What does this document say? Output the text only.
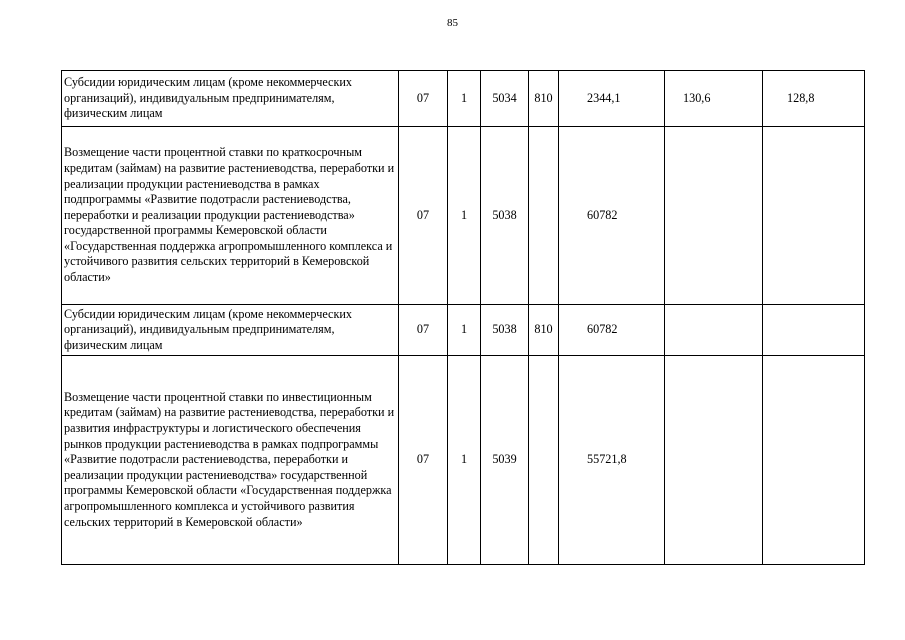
85
Субсидии юридическим лицам (кроме некоммерческих организаций), индивидуальным предпринимателям, физическим лицам	07	1	5034	810	2344,1	130,6	128,8
Возмещение части процентной ставки по краткосрочным кредитам (займам) на развитие растениеводства, переработки и реализации продукции растениеводства в рамках подпрограммы «Развитие подотрасли растениеводства, переработки и реализации продукции растениеводства» государственной программы Кемеровской области «Государственная поддержка агропромышленного комплекса и устойчивого развития сельских территорий в Кемеровской области»	07	1	5038		60782		
Субсидии юридическим лицам (кроме некоммерческих организаций), индивидуальным предпринимателям, физическим лицам	07	1	5038	810	60782		
Возмещение части процентной ставки по инвестиционным кредитам (займам) на развитие растениеводства, переработки и развития инфраструктуры и логистического обеспечения рынков продукции растениеводства в рамках подпрограммы «Развитие подотрасли растениеводства, переработки и реализации продукции растениеводства» государственной программы Кемеровской области «Государственная поддержка агропромышленного комплекса и устойчивого развития сельских территорий в Кемеровской области»	07	1	5039		55721,8		
